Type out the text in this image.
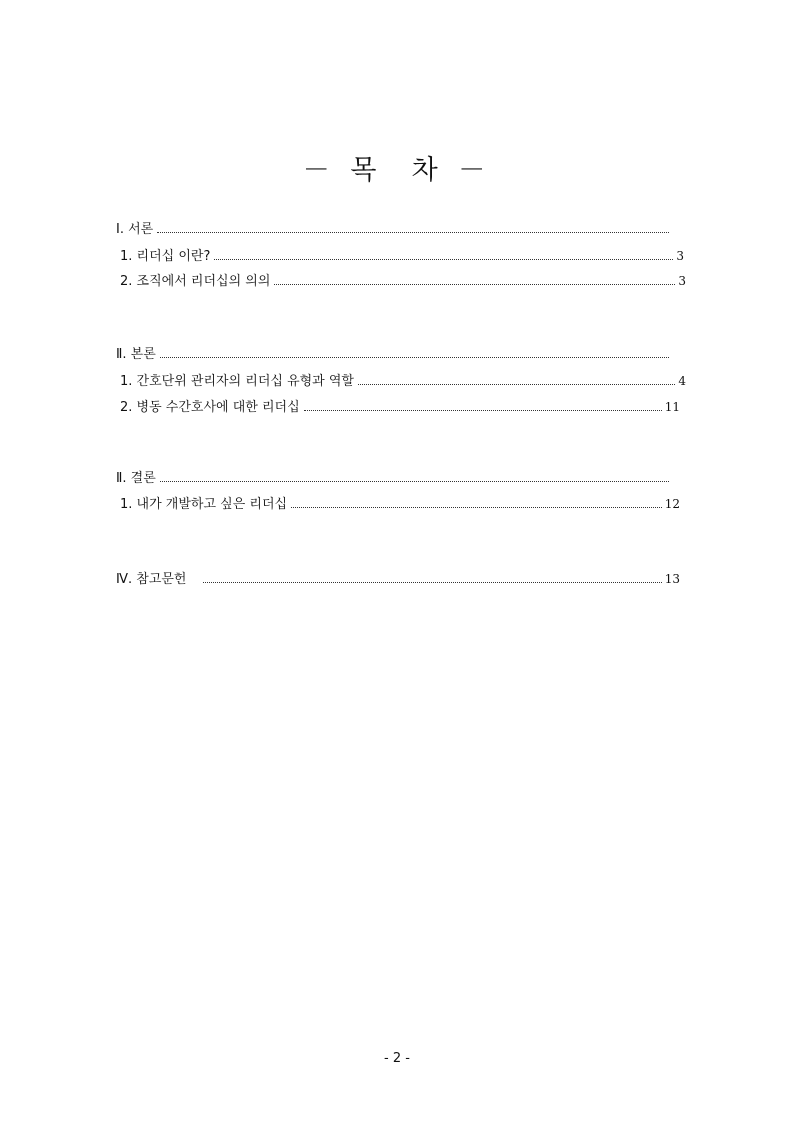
－ 목  차 －
Ⅰ. 서론
1. 리더십 이란?	3
2. 조직에서 리더십의 의의	3
Ⅱ. 본론
1. 간호단위 관리자의 리더십 유형과 역할	4
2. 병동 수간호사에 대한 리더십	11
Ⅱ. 결론
1. 내가 개발하고 싶은 리더십	12
Ⅳ. 참고문헌	13
- 2 -
